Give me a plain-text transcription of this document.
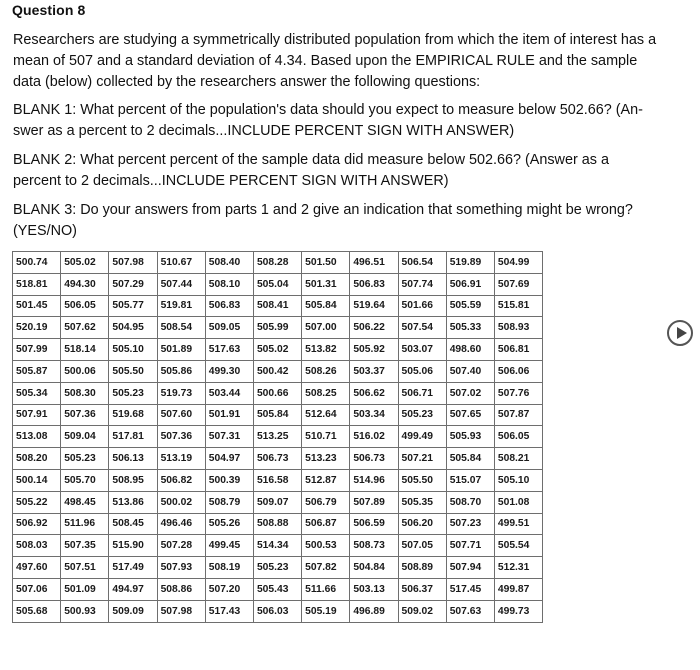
Question 8

Researchers are studying a symmetrically distributed population from which the item of interest has a mean of 507 and a standard deviation of 4.34. Based upon the EMPIRICAL RULE and the sample data (below) collected by the researchers answer the following questions:

BLANK 1: What percent of the population's data should you expect to measure below 502.66? (An-swer as a percent to 2 decimals...INCLUDE PERCENT SIGN WITH ANSWER)

BLANK 2: What percent percent of the sample data did measure below 502.66? (Answer as a percent to 2 decimals...INCLUDE PERCENT SIGN WITH ANSWER)

BLANK 3: Do your answers from parts 1 and 2 give an indication that something might be wrong? (YES/NO)

500.74	505.02	507.98	510.67	508.40	508.28	501.50	496.51	506.54	519.89	504.99
518.81	494.30	507.29	507.44	508.10	505.04	501.31	506.83	507.74	506.91	507.69
501.45	506.05	505.77	519.81	506.83	508.41	505.84	519.64	501.66	505.59	515.81
520.19	507.62	504.95	508.54	509.05	505.99	507.00	506.22	507.54	505.33	508.93
507.99	518.14	505.10	501.89	517.63	505.02	513.82	505.92	503.07	498.60	506.81
505.87	500.06	505.50	505.86	499.30	500.42	508.26	503.37	505.06	507.40	506.06
505.34	508.30	505.23	519.73	503.44	500.66	508.25	506.62	506.71	507.02	507.76
507.91	507.36	519.68	507.60	501.91	505.84	512.64	503.34	505.23	507.65	507.87
513.08	509.04	517.81	507.36	507.31	513.25	510.71	516.02	499.49	505.93	506.05
508.20	505.23	506.13	513.19	504.97	506.73	513.23	506.73	507.21	505.84	508.21
500.14	505.70	508.95	506.82	500.39	516.58	512.87	514.96	505.50	515.07	505.10
505.22	498.45	513.86	500.02	508.79	509.07	506.79	507.89	505.35	508.70	501.08
506.92	511.96	508.45	496.46	505.26	508.88	506.87	506.59	506.20	507.23	499.51
508.03	507.35	515.90	507.28	499.45	514.34	500.53	508.73	507.05	507.71	505.54
497.60	507.51	517.49	507.93	508.19	505.23	507.82	504.84	508.89	507.94	512.31
507.06	501.09	494.97	508.86	507.20	505.43	511.66	503.13	506.37	517.45	499.87
505.68	500.93	509.09	507.98	517.43	506.03	505.19	496.89	509.02	507.63	499.73
